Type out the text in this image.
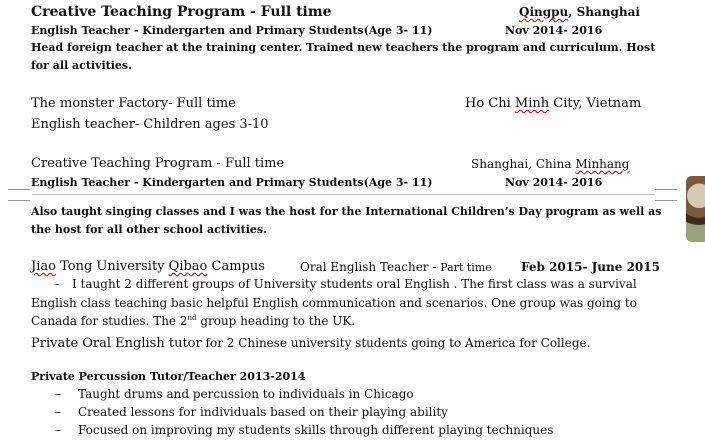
Creative Teaching Program - Full time	Qingpu, Shanghai
English Teacher - Kindergarten and Primary Students(Age 3- 11)	Nov 2014- 2016
Head foreign teacher at the training center. Trained new teachers the program and curriculum. Host
for all activities.
The monster Factory- Full time	Ho Chi Minh City, Vietnam
English teacher- Children ages 3-10
Creative Teaching Program - Full time	Shanghai, China Minhang
English Teacher - Kindergarten and Primary Students(Age 3- 11)	Nov 2014- 2016
Also taught singing classes and I was the host for the International Children’s Day program as well as
the host for all other school activities.
Jiao Tong University Qibao Campus	Oral English Teacher - Part time Feb 2015- June 2015
- I taught 2 different groups of University students oral English . The first class was a survival
English class teaching basic helpful English communication and scenarios. One group was going to
Canada for studies. The 2nd group heading to the UK.
Private Oral English tutor for 2 Chinese university students going to America for College.
Private Percussion Tutor/Teacher 2013-2014
– Taught drums and percussion to individuals in Chicago
– Created lessons for individuals based on their playing ability
– Focused on improving my students skills through different playing techniques
